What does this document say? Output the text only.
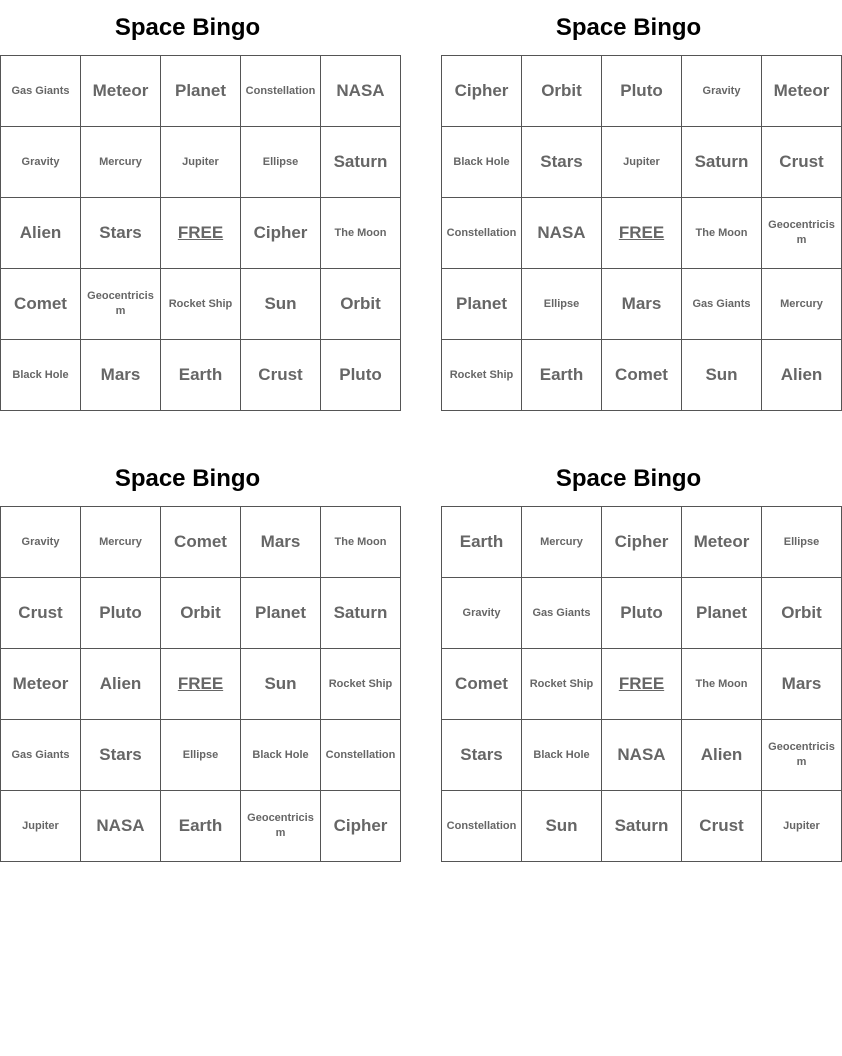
Space Bingo
Gas Giants	Meteor	Planet	Constellation	NASA
Gravity	Mercury	Jupiter	Ellipse	Saturn
Alien	Stars	FREE	Cipher	The Moon
Comet	Geocentricism	Rocket Ship	Sun	Orbit
Black Hole	Mars	Earth	Crust	Pluto
Space Bingo
Cipher	Orbit	Pluto	Gravity	Meteor
Black Hole	Stars	Jupiter	Saturn	Crust
Constellation	NASA	FREE	The Moon	Geocentricism
Planet	Ellipse	Mars	Gas Giants	Mercury
Rocket Ship	Earth	Comet	Sun	Alien
Space Bingo
Gravity	Mercury	Comet	Mars	The Moon
Crust	Pluto	Orbit	Planet	Saturn
Meteor	Alien	FREE	Sun	Rocket Ship
Gas Giants	Stars	Ellipse	Black Hole	Constellation
Jupiter	NASA	Earth	Geocentricism	Cipher
Space Bingo
Earth	Mercury	Cipher	Meteor	Ellipse
Gravity	Gas Giants	Pluto	Planet	Orbit
Comet	Rocket Ship	FREE	The Moon	Mars
Stars	Black Hole	NASA	Alien	Geocentricism
Constellation	Sun	Saturn	Crust	Jupiter
